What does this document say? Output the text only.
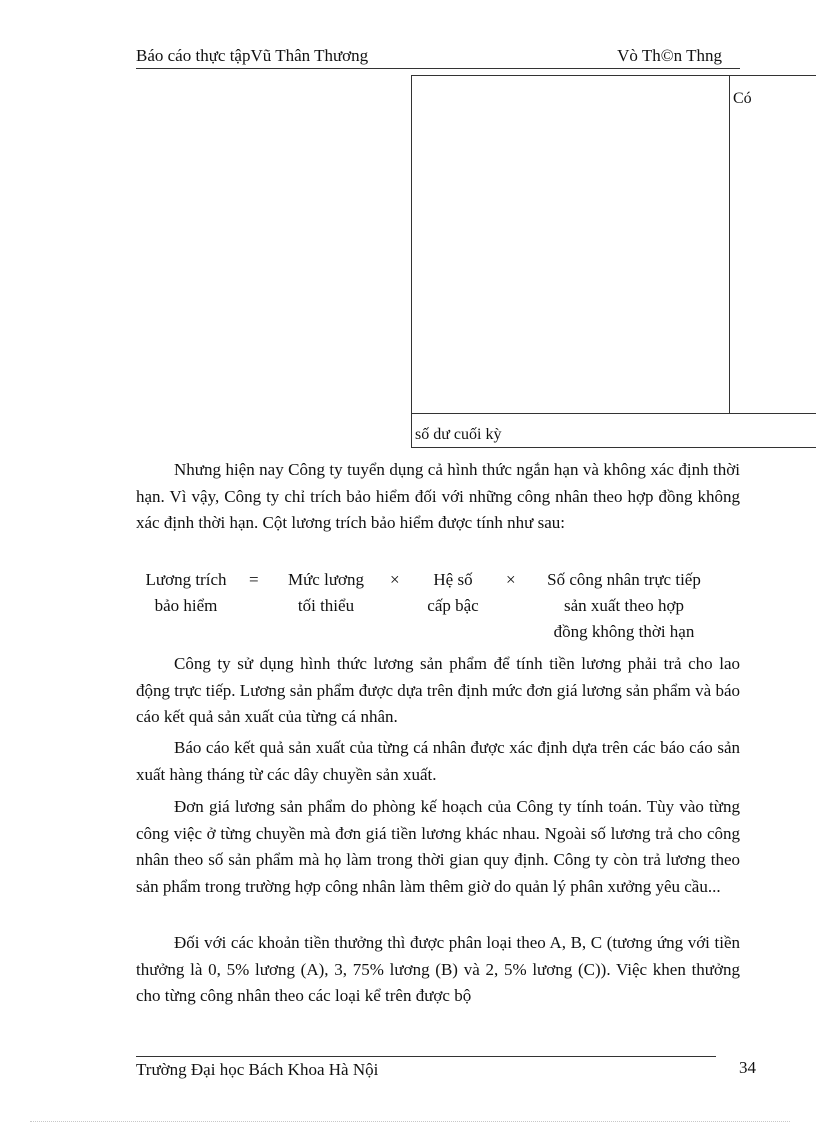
Báo cáo thực tậpVũ Thân Thương	Vò Th©n Thng
Có
số dư cuối kỳ

Nhưng hiện nay Công ty tuyển dụng cả hình thức ngắn hạn và không xác định thời hạn. Vì vậy, Công ty chỉ trích bảo hiểm đối với những công nhân theo hợp đồng không xác định thời hạn. Cột lương trích bảo hiểm được tính như sau:

Lương trích
bảo hiểm
=	Mức lương
tối thiểu
×	Hệ số
cấp bậc
×	Số công nhân trực tiếp
sản xuất theo hợp
đồng không thời hạn

Công ty sử dụng hình thức lương sản phẩm để tính tiền lương phải trả cho lao động trực tiếp. Lương sản phẩm được dựa trên định mức đơn giá lương sản phẩm và báo cáo kết quả sản xuất của từng cá nhân.

Báo cáo kết quả sản xuất của từng cá nhân được xác định dựa trên các báo cáo sản xuất hàng tháng từ các dây chuyền sản xuất.

Đơn giá lương sản phẩm do phòng kế hoạch của Công ty tính toán. Tùy vào từng công việc ở từng chuyền mà đơn giá tiền lương khác nhau. Ngoài số lương trả cho công nhân theo số sản phẩm mà họ làm trong thời gian quy định. Công ty còn trả lương theo sản phẩm trong trường hợp công nhân làm thêm giờ do quản lý phân xưởng yêu cầu...

Đối với các khoản tiền thưởng thì được phân loại theo A, B, C (tương ứng với tiền thưởng là 0, 5% lương (A), 3, 75% lương (B) và 2, 5% lương (C)). Việc khen thưởng cho từng công nhân theo các loại kể trên được bộ

Trường Đại học Bách Khoa Hà Nội	34
